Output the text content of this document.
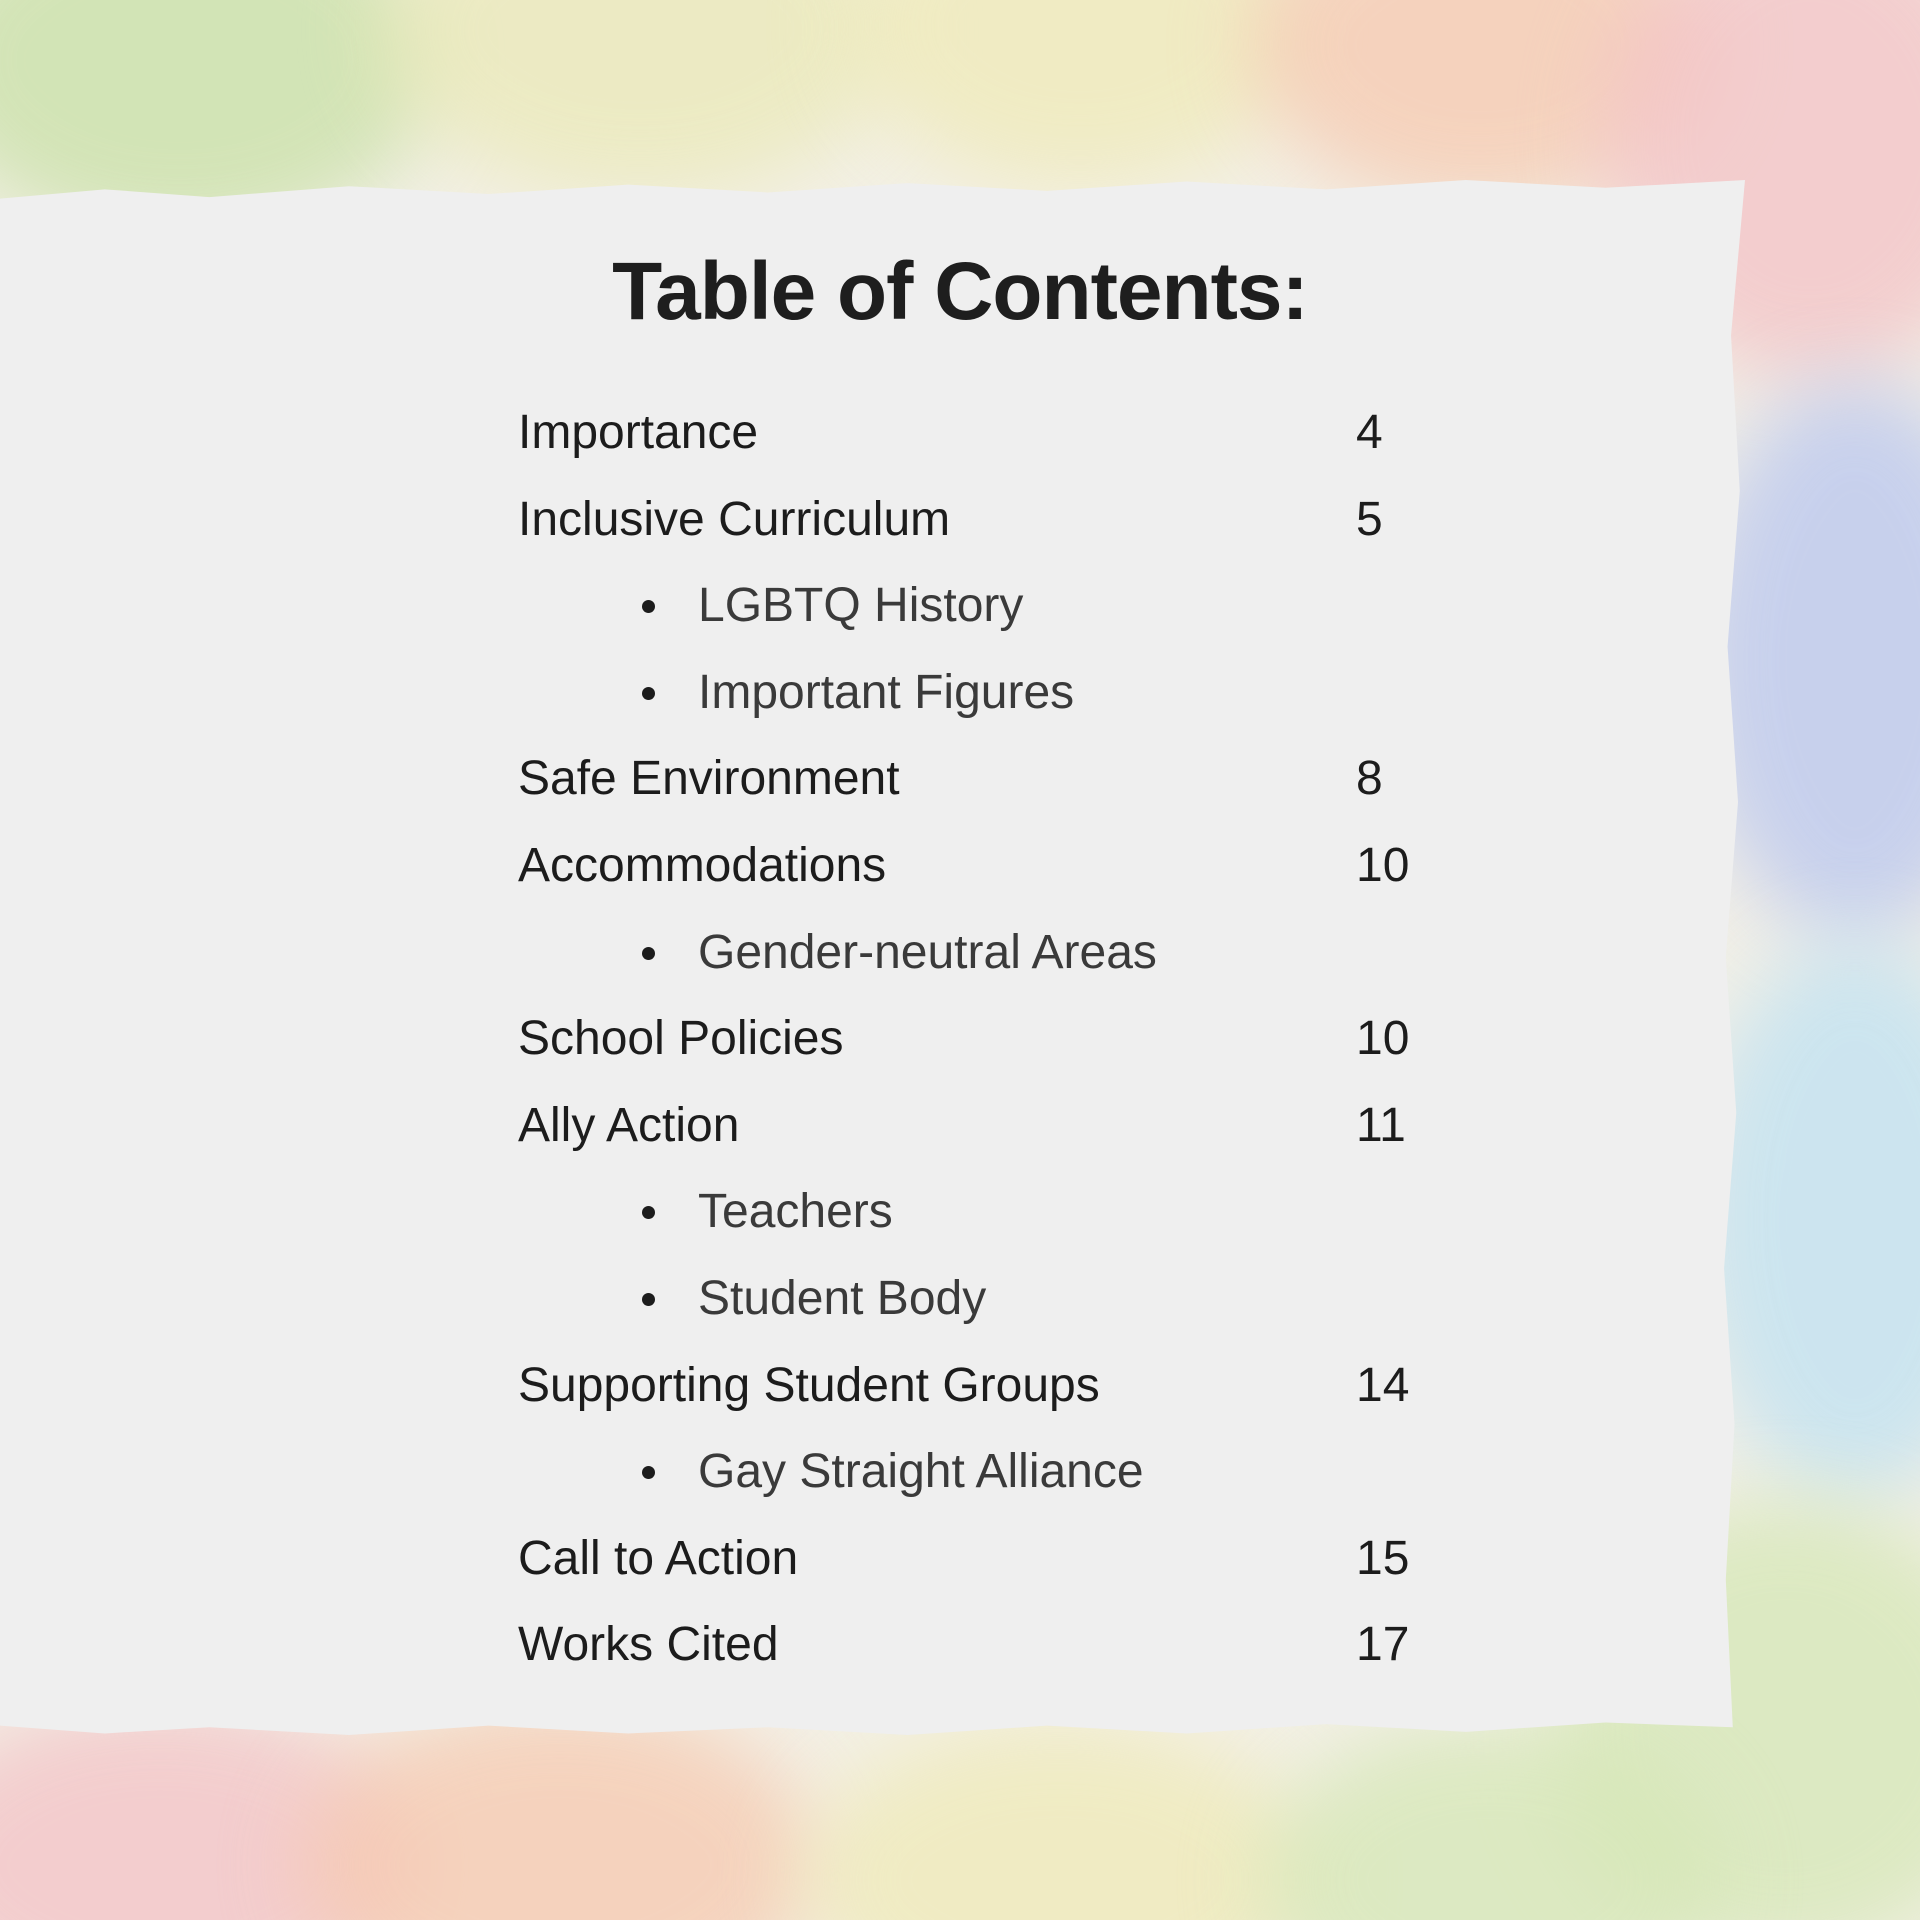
Table of Contents:
Importance	4
Inclusive Curriculum	5
LGBTQ History
Important Figures
Safe Environment	8
Accommodations	10
Gender-neutral Areas
School Policies	10
Ally Action	11
Teachers
Student Body
Supporting Student Groups	14
Gay Straight Alliance
Call to Action	15
Works Cited	17
